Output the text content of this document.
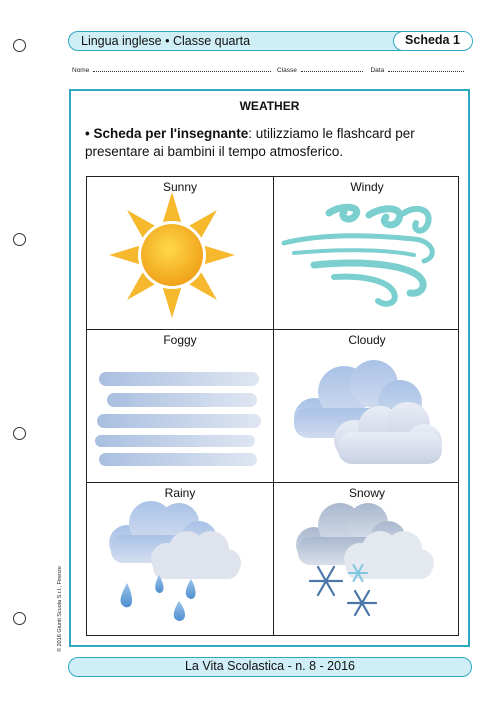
Lingua inglese • Classe quarta	Scheda 1
Nome	Classe	Data
WEATHER
• Scheda per l'insegnante: utilizziamo le flashcard per presentare ai bambini il tempo atmosferico.
Sunny	Windy
Foggy	Cloudy
Rainy	Snowy
© 2016 Giunti Scuola S.r.l., Firenze
La Vita Scolastica - n. 8 - 2016
